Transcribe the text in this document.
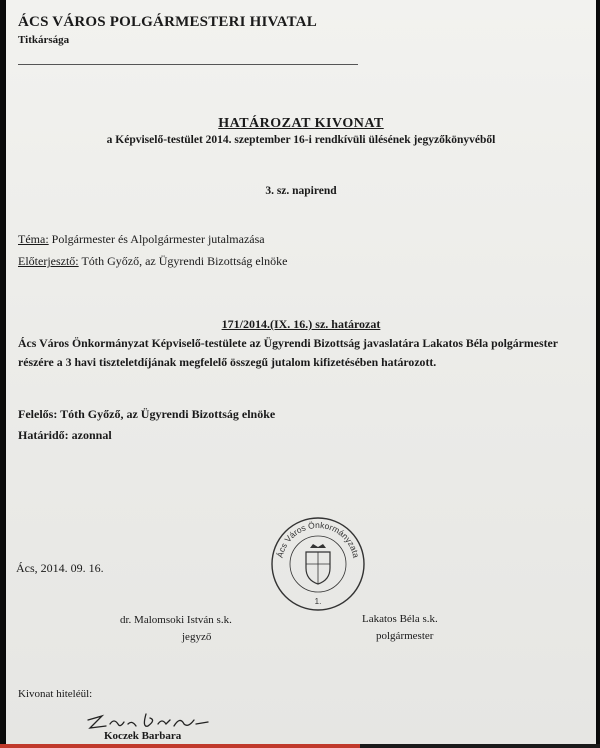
ÁCS VÁROS POLGÁRMESTERI HIVATAL
Titkársága
HATÁROZAT KIVONAT
a Képviselő-testület 2014. szeptember 16-i rendkívüli ülésének jegyzőkönyvéből
3. sz. napirend
Téma: Polgármester és Alpolgármester jutalmazása
Előterjesztő: Tóth Győző, az Ügyrendi Bizottság elnöke
171/2014.(IX. 16.) sz. határozat
Ács Város Önkormányzat Képviselő-testülete az Ügyrendi Bizottság javaslatára Lakatos Béla polgármester részére a 3 havi tiszteletdíjának megfelelő összegű jutalom kifizetésében határozott.
Felelős: Tóth Győző, az Ügyrendi Bizottság elnöke
Határidő: azonnal
Ács, 2014. 09. 16.
Ács Város Önkormányzata
1.
dr. Malomsoki István s.k.
jegyző
Lakatos Béla s.k.
polgármester
Kivonat hiteléül:
Koczek Barbara
